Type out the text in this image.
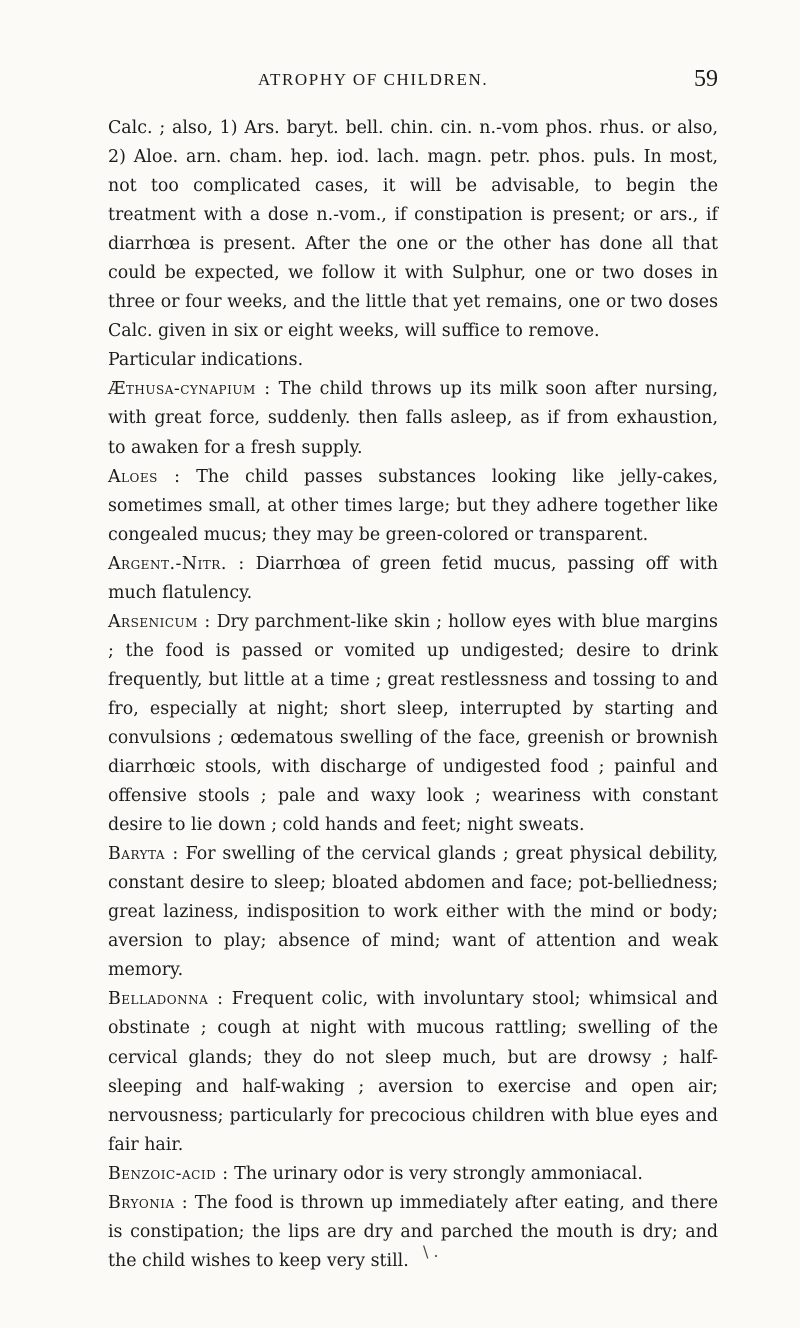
ATROPHY OF CHILDREN.	59

Calc. ; also, 1) Ars. baryt. bell. chin. cin. n.-vom phos. rhus. or also, 2) Aloe. arn. cham. hep. iod. lach. magn. petr. phos. puls. In most, not too complicated cases, it will be advisable, to begin the treatment with a dose n.-vom., if constipation is present; or ars., if diarrhœa is present. After the one or the other has done all that could be expected, we follow it with Sulphur, one or two doses in three or four weeks, and the little that yet remains, one or two doses Calc. given in six or eight weeks, will suffice to remove.

Particular indications.

Æthusa-cynapium : The child throws up its milk soon after nursing, with great force, suddenly. then falls asleep, as if from exhaustion, to awaken for a fresh supply.

Aloes : The child passes substances looking like jelly-cakes, sometimes small, at other times large; but they adhere together like congealed mucus; they may be green-colored or transparent.

Argent.-Nitr. : Diarrhœa of green fetid mucus, passing off with much flatulency.

Arsenicum : Dry parchment-like skin ; hollow eyes with blue margins ; the food is passed or vomited up undigested; desire to drink frequently, but little at a time ; great restlessness and tossing to and fro, especially at night; short sleep, interrupted by starting and convulsions ; œdematous swelling of the face, greenish or brownish diarrhœic stools, with discharge of undigested food ; painful and offensive stools ; pale and waxy look ; weariness with constant desire to lie down ; cold hands and feet; night sweats.

Baryta : For swelling of the cervical glands ; great physical debility, constant desire to sleep; bloated abdomen and face; pot-belliedness; great laziness, indisposition to work either with the mind or body; aversion to play; absence of mind; want of attention and weak memory.

Belladonna : Frequent colic, with involuntary stool; whimsical and obstinate ; cough at night with mucous rattling; swelling of the cervical glands; they do not sleep much, but are drowsy ; half-sleeping and half-waking ; aversion to exercise and open air; nervousness; particularly for precocious children with blue eyes and fair hair.

Benzoic-acid : The urinary odor is very strongly ammoniacal.

Bryonia : The food is thrown up immediately after eating, and there is constipation; the lips are dry and parched the mouth is dry; and the child wishes to keep very still. \ .
